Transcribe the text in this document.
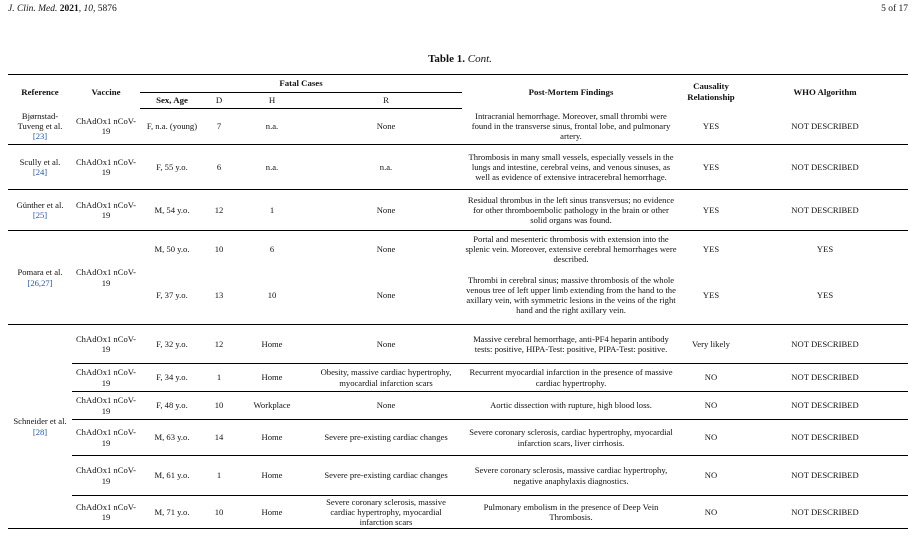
J. Clin. Med. 2021, 10, 5876	5 of 17
Table 1. Cont.
Reference	Vaccine	Fatal Cases				Post-Mortem Findings	Causality Relationship	WHO Algorithm
		Sex, Age	D	H	R			
Bjørnstad-Tuveng et al.
[23]	ChAdOx1 nCoV-19	F, n.a. (young)	7	n.a.	None	Intracranial hemorrhage. Moreover, small thrombi were found in the transverse sinus, frontal lobe, and pulmonary artery.	YES	NOT DESCRIBED
Scully et al.
[24]	ChAdOx1 nCoV-19	F, 55 y.o.	6	n.a.	n.a.	Thrombosis in many small vessels, especially vessels in the lungs and intestine, cerebral veins, and venous sinuses, as well as evidence of extensive intracerebral hemorrhage.	YES	NOT DESCRIBED
Günther et al.
[25]	ChAdOx1 nCoV-19	M, 54 y.o.	12	1	None	Residual thrombus in the left sinus transversus; no evidence for other thromboembolic pathology in the brain or other solid organs was found.	YES	NOT DESCRIBED
Pomara et al.
[26,27]	ChAdOx1 nCoV-19	M, 50 y.o.	10	6	None	Portal and mesenteric thrombosis with extension into the splenic vein. Moreover, extensive cerebral hemorrhages were described.	YES	YES
		F, 37 y.o.	13	10	None	Thrombi in cerebral sinus; massive thrombosis of the whole venous tree of left upper limb extending from the hand to the axillary vein, with symmetric lesions in the veins of the right hand and the right axillary vein.	YES	YES
Schneider et al.
[28]	ChAdOx1 nCoV-19	F, 32 y.o.	12	Home	None	Massive cerebral hemorrhage, anti-PF4 heparin antibody tests: positive, HIPA-Test: positive, PIPA-Test: positive.	Very likely	NOT DESCRIBED
	ChAdOx1 nCoV-19	F, 34 y.o.	1	Home	Obesity, massive cardiac hypertrophy, myocardial infarction scars	Recurrent myocardial infarction in the presence of massive cardiac hypertrophy.	NO	NOT DESCRIBED
	ChAdOx1 nCoV-19	F, 48 y.o.	10	Workplace	None	Aortic dissection with rupture, high blood loss.	NO	NOT DESCRIBED
	ChAdOx1 nCoV-19	M, 63 y.o.	14	Home	Severe pre-existing cardiac changes	Severe coronary sclerosis, cardiac hypertrophy, myocardial infarction scars, liver cirrhosis.	NO	NOT DESCRIBED
	ChAdOx1 nCoV-19	M, 61 y.o.	1	Home	Severe pre-existing cardiac changes	Severe coronary sclerosis, massive cardiac hypertrophy, negative anaphylaxis diagnostics.	NO	NOT DESCRIBED
	ChAdOx1 nCoV-19	M, 71 y.o.	10	Home	Severe coronary sclerosis, massive cardiac hypertrophy, myocardial infarction scars	Pulmonary embolism in the presence of Deep Vein Thrombosis.	NO	NOT DESCRIBED
